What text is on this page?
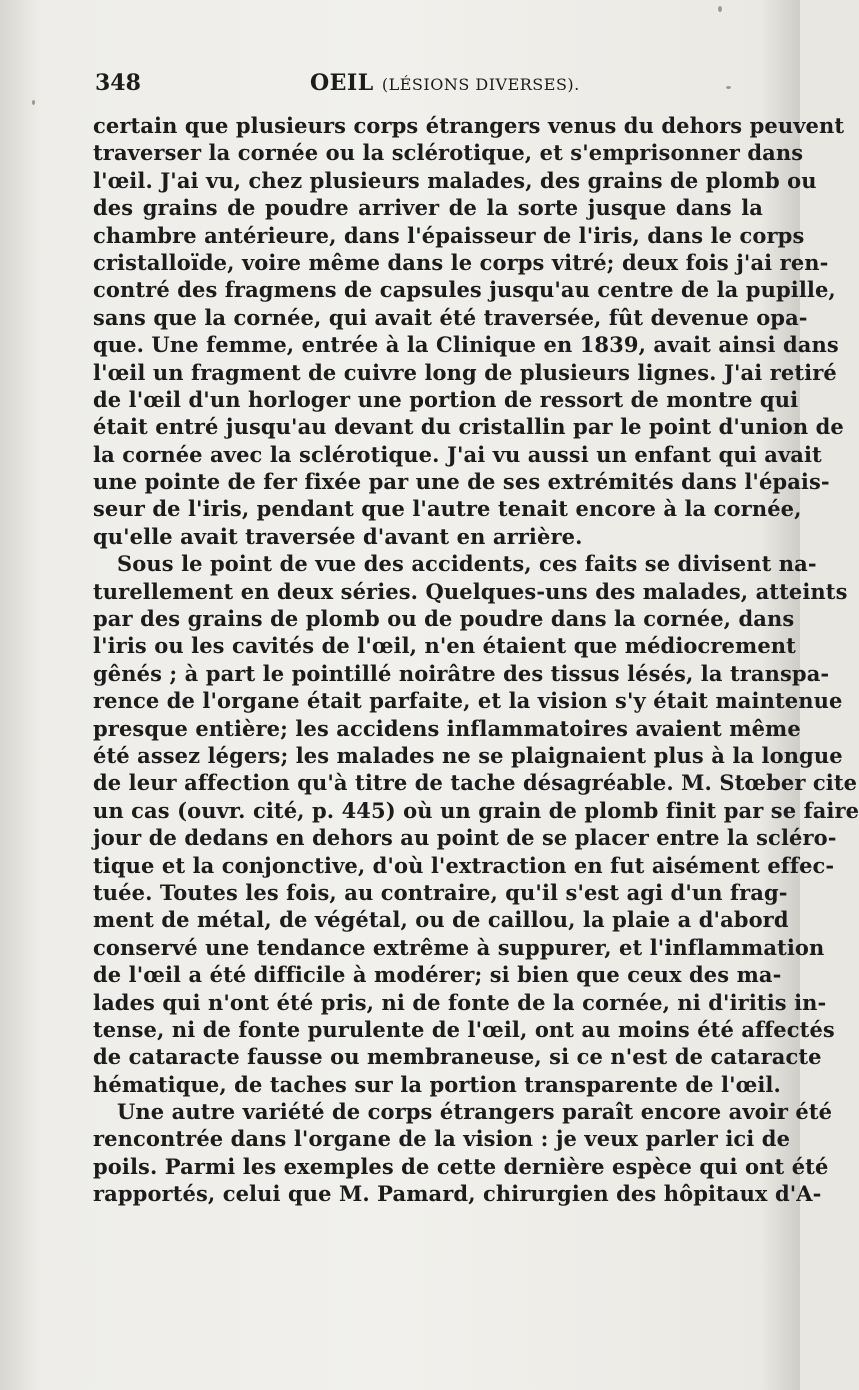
348	OEIL (LÉSIONS DIVERSES).
certain que plusieurs corps étrangers venus du dehors peuvent
traverser la cornée ou la sclérotique, et s'emprisonner dans
l'œil. J'ai vu, chez plusieurs malades, des grains de plomb ou
des grains de poudre arriver de la sorte jusque dans la
chambre antérieure, dans l'épaisseur de l'iris, dans le corps
cristalloïde, voire même dans le corps vitré; deux fois j'ai ren-
contré des fragmens de capsules jusqu'au centre de la pupille,
sans que la cornée, qui avait été traversée, fût devenue opa-
que. Une femme, entrée à la Clinique en 1839, avait ainsi dans
l'œil un fragment de cuivre long de plusieurs lignes. J'ai retiré
de l'œil d'un horloger une portion de ressort de montre qui
était entré jusqu'au devant du cristallin par le point d'union de
la cornée avec la sclérotique. J'ai vu aussi un enfant qui avait
une pointe de fer fixée par une de ses extrémités dans l'épais-
seur de l'iris, pendant que l'autre tenait encore à la cornée,
qu'elle avait traversée d'avant en arrière.
Sous le point de vue des accidents, ces faits se divisent na-
turellement en deux séries. Quelques-uns des malades, atteints
par des grains de plomb ou de poudre dans la cornée, dans
l'iris ou les cavités de l'œil, n'en étaient que médiocrement
gênés ; à part le pointillé noirâtre des tissus lésés, la transpa-
rence de l'organe était parfaite, et la vision s'y était maintenue
presque entière; les accidens inflammatoires avaient même
été assez légers; les malades ne se plaignaient plus à la longue
de leur affection qu'à titre de tache désagréable. M. Stœber cite
un cas (ouvr. cité, p. 445) où un grain de plomb finit par se faire
jour de dedans en dehors au point de se placer entre la scléro-
tique et la conjonctive, d'où l'extraction en fut aisément effec-
tuée. Toutes les fois, au contraire, qu'il s'est agi d'un frag-
ment de métal, de végétal, ou de caillou, la plaie a d'abord
conservé une tendance extrême à suppurer, et l'inflammation
de l'œil a été difficile à modérer; si bien que ceux des ma-
lades qui n'ont été pris, ni de fonte de la cornée, ni d'iritis in-
tense, ni de fonte purulente de l'œil, ont au moins été affectés
de cataracte fausse ou membraneuse, si ce n'est de cataracte
hématique, de taches sur la portion transparente de l'œil.
Une autre variété de corps étrangers paraît encore avoir été
rencontrée dans l'organe de la vision : je veux parler ici de
poils. Parmi les exemples de cette dernière espèce qui ont été
rapportés, celui que M. Pamard, chirurgien des hôpitaux d'A-
